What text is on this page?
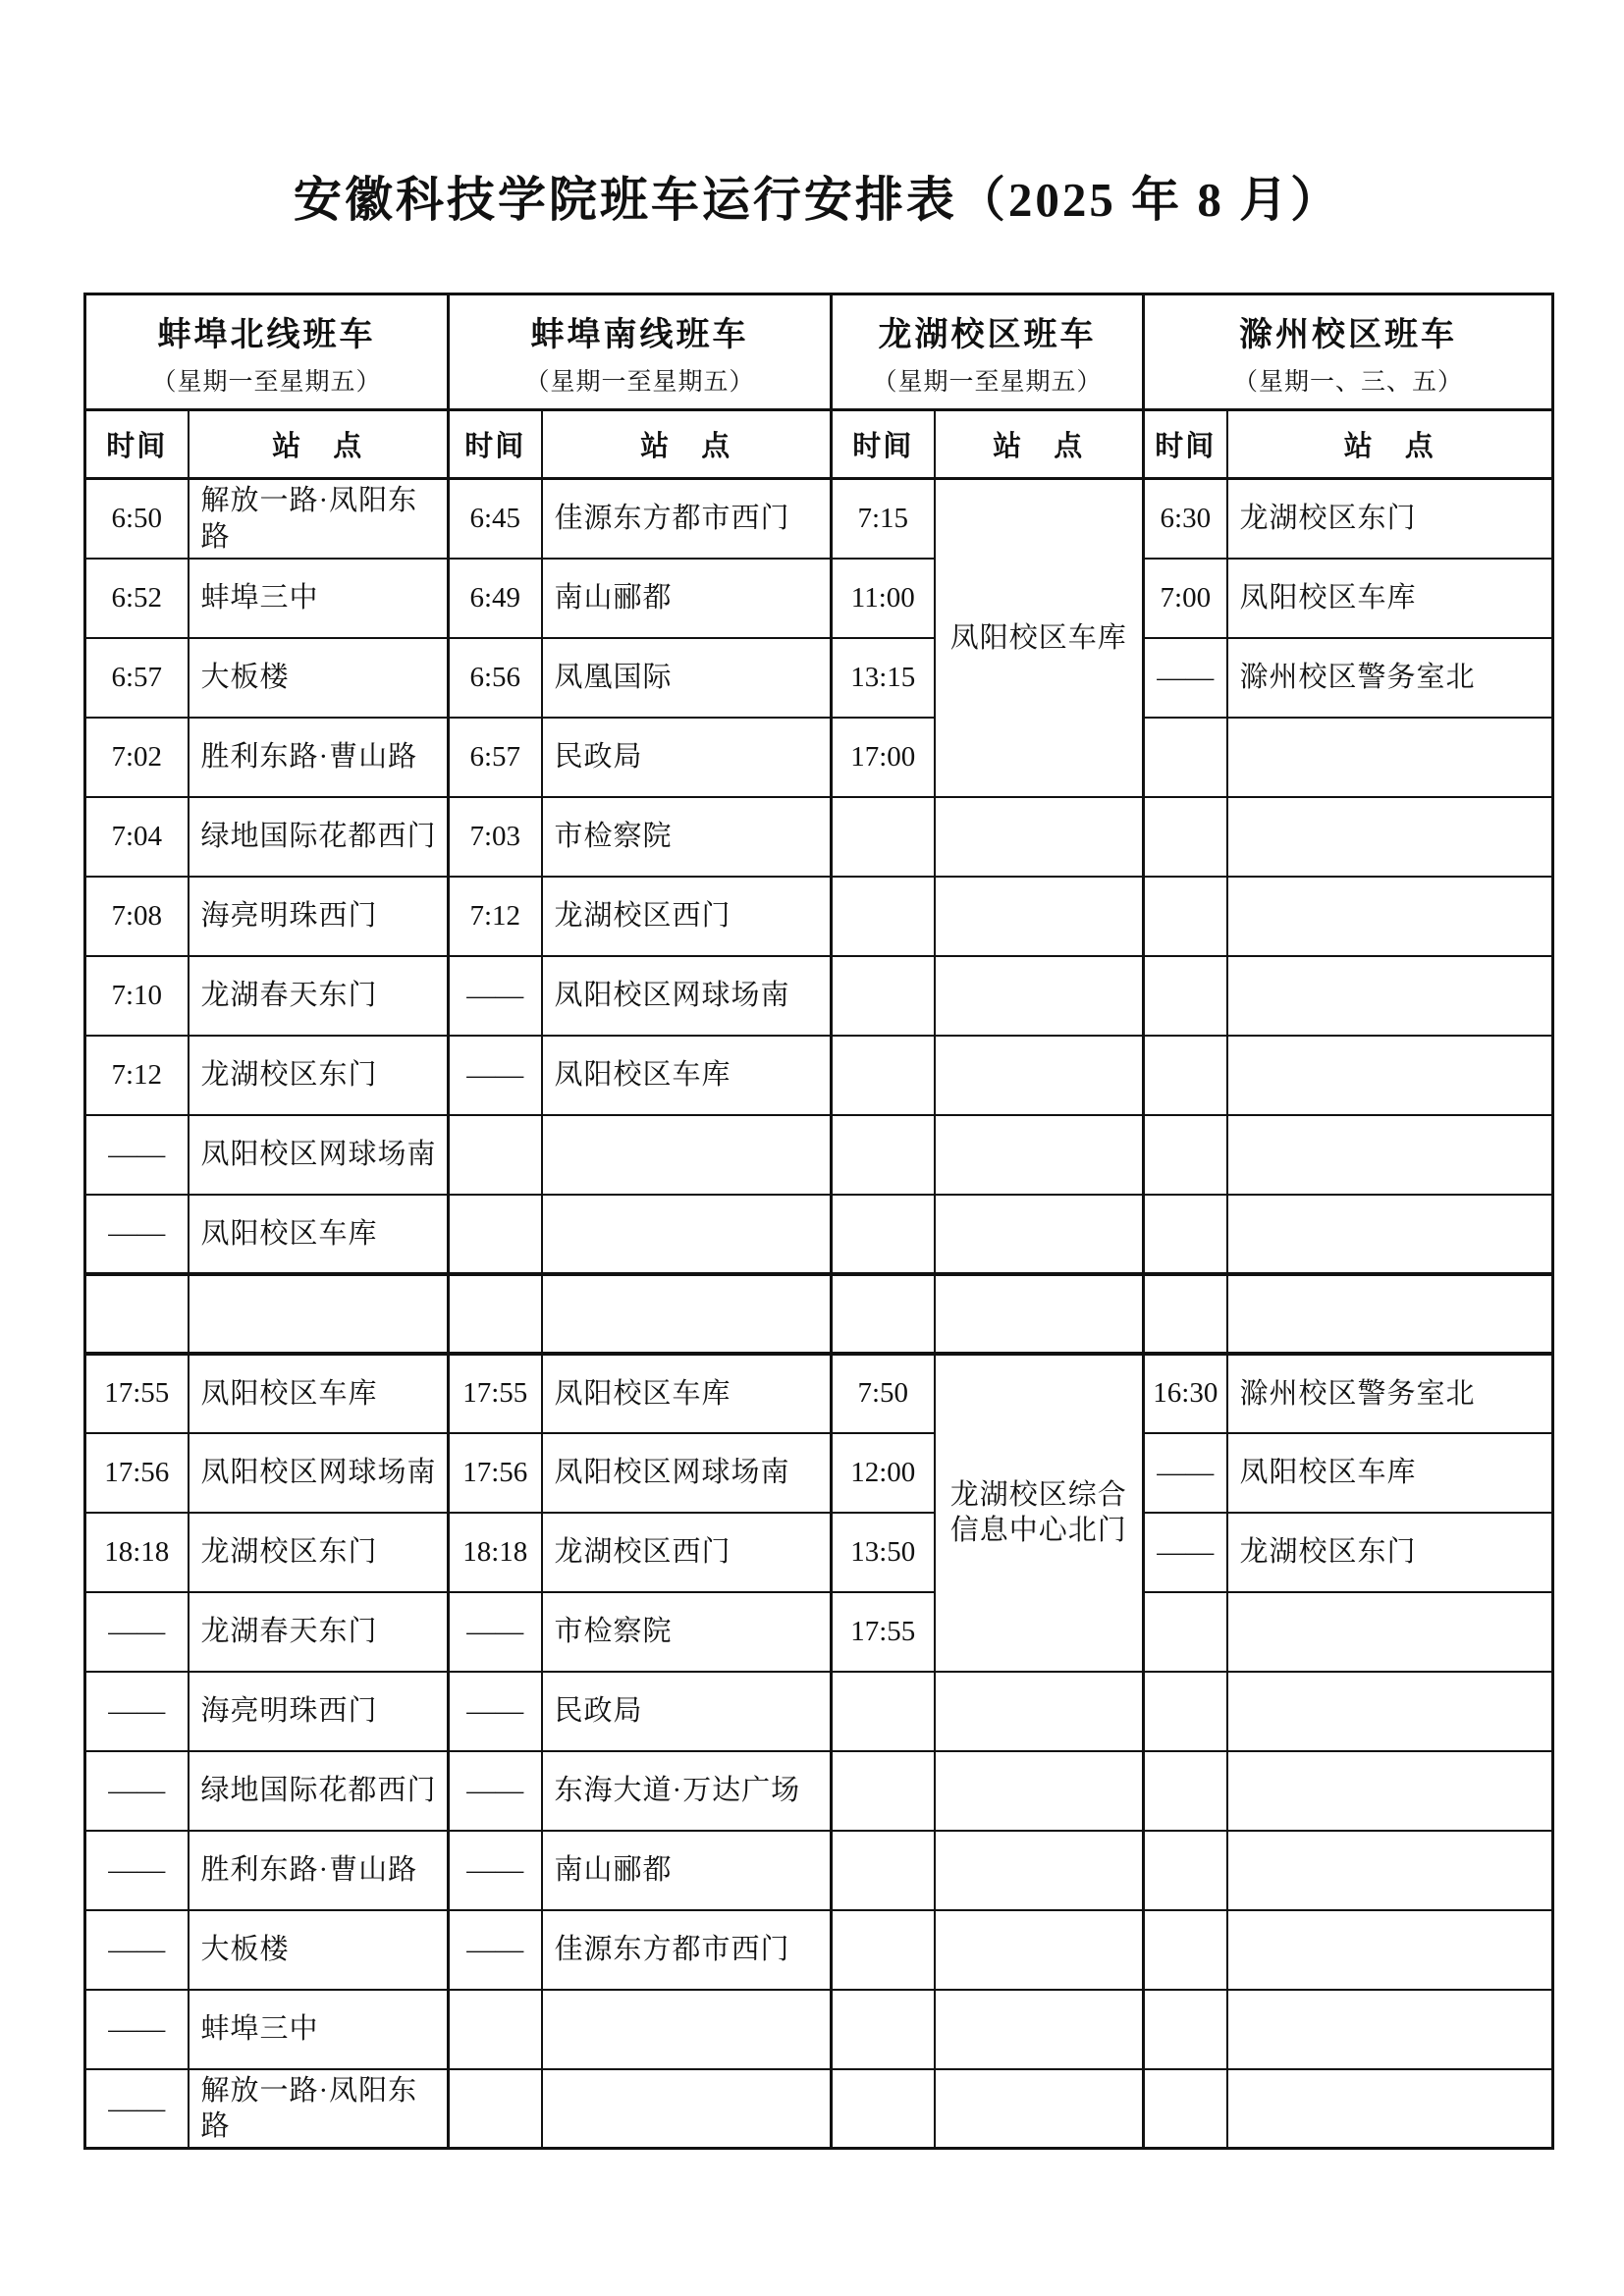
安徽科技学院班车运行安排表（2025 年 8 月）
蚌埠北线班车
（星期一至星期五）

蚌埠南线班车
（星期一至星期五）

龙湖校区班车
（星期一至星期五）

滁州校区班车
（星期一、三、五）

时间	站　点	时间	站　点	时间	站　点	时间	站　点
6:50	解放一路·凤阳东路	6:45	佳源东方都市西门	7:15	凤阳校区车库	6:30	龙湖校区东门
6:52	蚌埠三中	6:49	南山郦都	11:00		7:00	凤阳校区车库
6:57	大板楼	6:56	凤凰国际	13:15		——	滁州校区警务室北
7:02	胜利东路·曹山路	6:57	民政局	17:00			
7:04	绿地国际花都西门	7:03	市检察院				
7:08	海亮明珠西门	7:12	龙湖校区西门				
7:10	龙湖春天东门	——	凤阳校区网球场南				
7:12	龙湖校区东门	——	凤阳校区车库				
——	凤阳校区网球场南						
——	凤阳校区车库						

17:55	凤阳校区车库	17:55	凤阳校区车库	7:50	龙湖校区综合信息中心北门	16:30	滁州校区警务室北
17:56	凤阳校区网球场南	17:56	凤阳校区网球场南	12:00		——	凤阳校区车库
18:18	龙湖校区东门	18:18	龙湖校区西门	13:50		——	龙湖校区东门
——	龙湖春天东门	——	市检察院	17:55			
——	海亮明珠西门	——	民政局				
——	绿地国际花都西门	——	东海大道·万达广场				
——	胜利东路·曹山路	——	南山郦都				
——	大板楼	——	佳源东方都市西门				
——	蚌埠三中						
——	解放一路·凤阳东路						
